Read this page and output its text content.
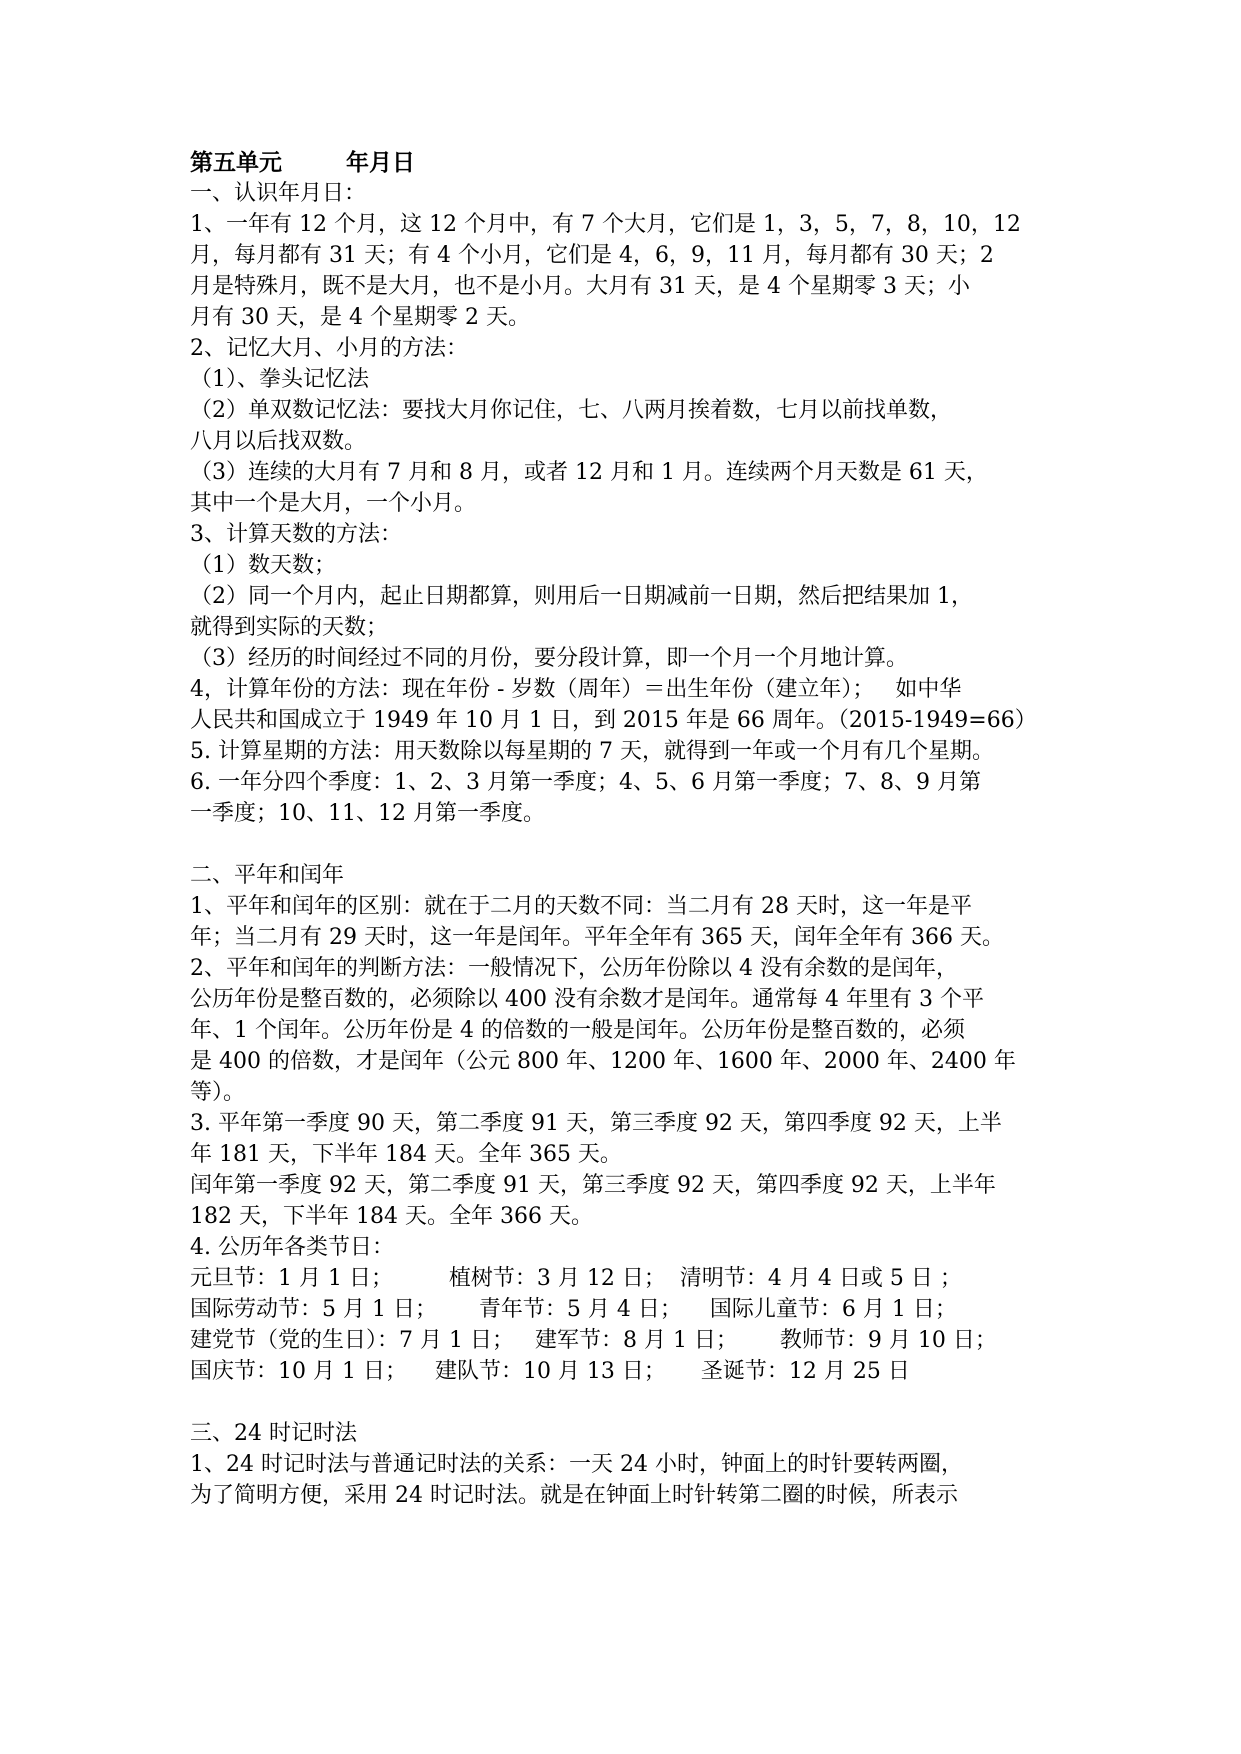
第五单元        年月日
一、认识年月日：
1、一年有 12 个月，这 12 个月中，有 7 个大月，它们是 1，3，5，7，8，10，12
月，每月都有 31 天；有 4 个小月，它们是 4，6，9，11 月，每月都有 30 天；2
月是特殊月，既不是大月，也不是小月。大月有 31 天，是 4 个星期零 3 天；小
月有 30 天，是 4 个星期零 2 天。
2、记忆大月、小月的方法：
（1）、拳头记忆法
（2）单双数记忆法：要找大月你记住，七、八两月挨着数，七月以前找单数，
八月以后找双数。
（3）连续的大月有 7 月和 8 月，或者 12 月和 1 月。连续两个月天数是 61 天，
其中一个是大月，一个小月。
3、计算天数的方法：
（1）数天数；
（2）同一个月内，起止日期都算，则用后一日期减前一日期，然后把结果加 1，
就得到实际的天数；
（3）经历的时间经过不同的月份，要分段计算，即一个月一个月地计算。
4，计算年份的方法：现在年份 - 岁数（周年）＝出生年份（建立年）；   如中华
人民共和国成立于 1949 年 10 月 1 日，到 2015 年是 66 周年。（2015-1949=66）
5. 计算星期的方法：用天数除以每星期的 7 天，就得到一年或一个月有几个星期。
6. 一年分四个季度：1、2、3 月第一季度；4、5、6 月第一季度；7、8、9 月第
一季度；10、11、12 月第一季度。
二、平年和闰年
1、平年和闰年的区别：就在于二月的天数不同：当二月有 28 天时，这一年是平
年；当二月有 29 天时，这一年是闰年。平年全年有 365 天，闰年全年有 366 天。
2、平年和闰年的判断方法：一般情况下，公历年份除以 4 没有余数的是闰年，
公历年份是整百数的，必须除以 400 没有余数才是闰年。通常每 4 年里有 3 个平
年、1 个闰年。公历年份是 4 的倍数的一般是闰年。公历年份是整百数的，必须
是 400 的倍数，才是闰年（公元 800 年、1200 年、1600 年、2000 年、2400 年
等）。
3. 平年第一季度 90 天，第二季度 91 天，第三季度 92 天，第四季度 92 天，上半
年 181 天，下半年 184 天。全年 365 天。
闰年第一季度 92 天，第二季度 91 天，第三季度 92 天，第四季度 92 天，上半年
182 天，下半年 184 天。全年 366 天。
4. 公历年各类节日：
元旦节：1 月 1 日；        植树节：3 月 12 日；  清明节：4 月 4 日或 5 日 ；
国际劳动节：5 月 1 日；      青年节：5 月 4 日；    国际儿童节：6 月 1 日；
建党节（党的生日）：7 月 1 日；   建军节：8 月 1 日；      教师节：9 月 10 日；
国庆节：10 月 1 日；    建队节：10 月 13 日；     圣诞节：12 月 25 日
三、24 时记时法
1、24 时记时法与普通记时法的关系：一天 24 小时，钟面上的时针要转两圈，
为了简明方便，采用 24 时记时法。就是在钟面上时针转第二圈的时候，所表示
